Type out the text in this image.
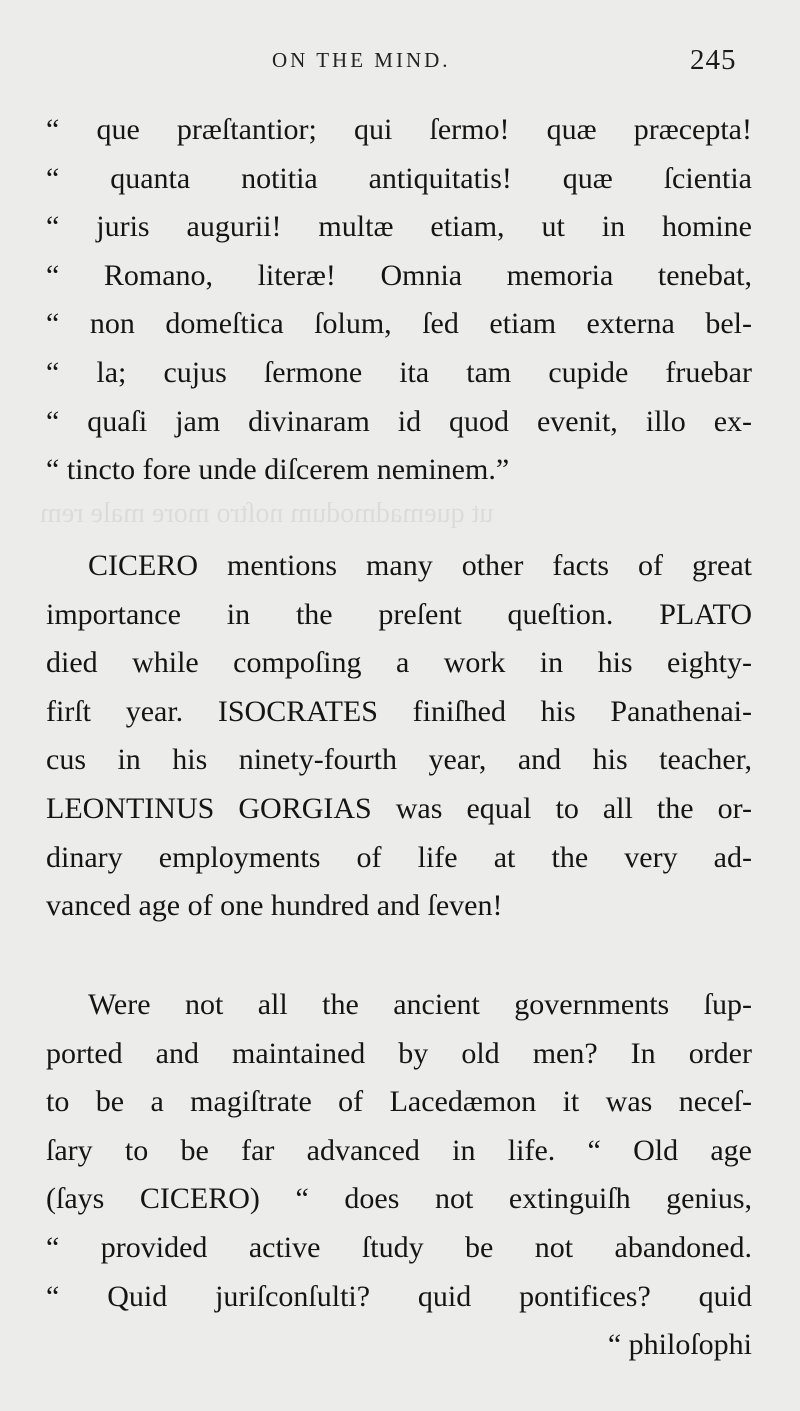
ut quemadmodum noſtro more male rem
ON THE MIND.	245
“ que præſtantior; qui ſermo! quæ præcepta!
“ quanta notitia antiquitatis! quæ ſcientia
“ juris augurii! multæ etiam, ut in homine
“ Romano, literæ! Omnia memoria tenebat,
“ non domeſtica ſolum, ſed etiam externa bel-
“ la; cujus ſermone ita tam cupide fruebar
“ quaſi jam divinaram id quod evenit, illo ex-
“ tincto fore unde diſcerem neminem.”
CICERO mentions many other facts of great
importance in the preſent queſtion. PLATO
died while compoſing a work in his eighty-
firſt year. ISOCRATES finiſhed his Panathenai-
cus in his ninety-fourth year, and his teacher,
LEONTINUS GORGIAS was equal to all the or-
dinary employments of life at the very ad-
vanced age of one hundred and ſeven!
Were not all the ancient governments ſup-
ported and maintained by old men? In order
to be a magiſtrate of Lacedæmon it was neceſ-
ſary to be far advanced in life. “ Old age
(ſays CICERO) “ does not extinguiſh genius,
“ provided active ſtudy be not abandoned.
“ Quid juriſconſulti? quid pontifices? quid
“ philoſophi
